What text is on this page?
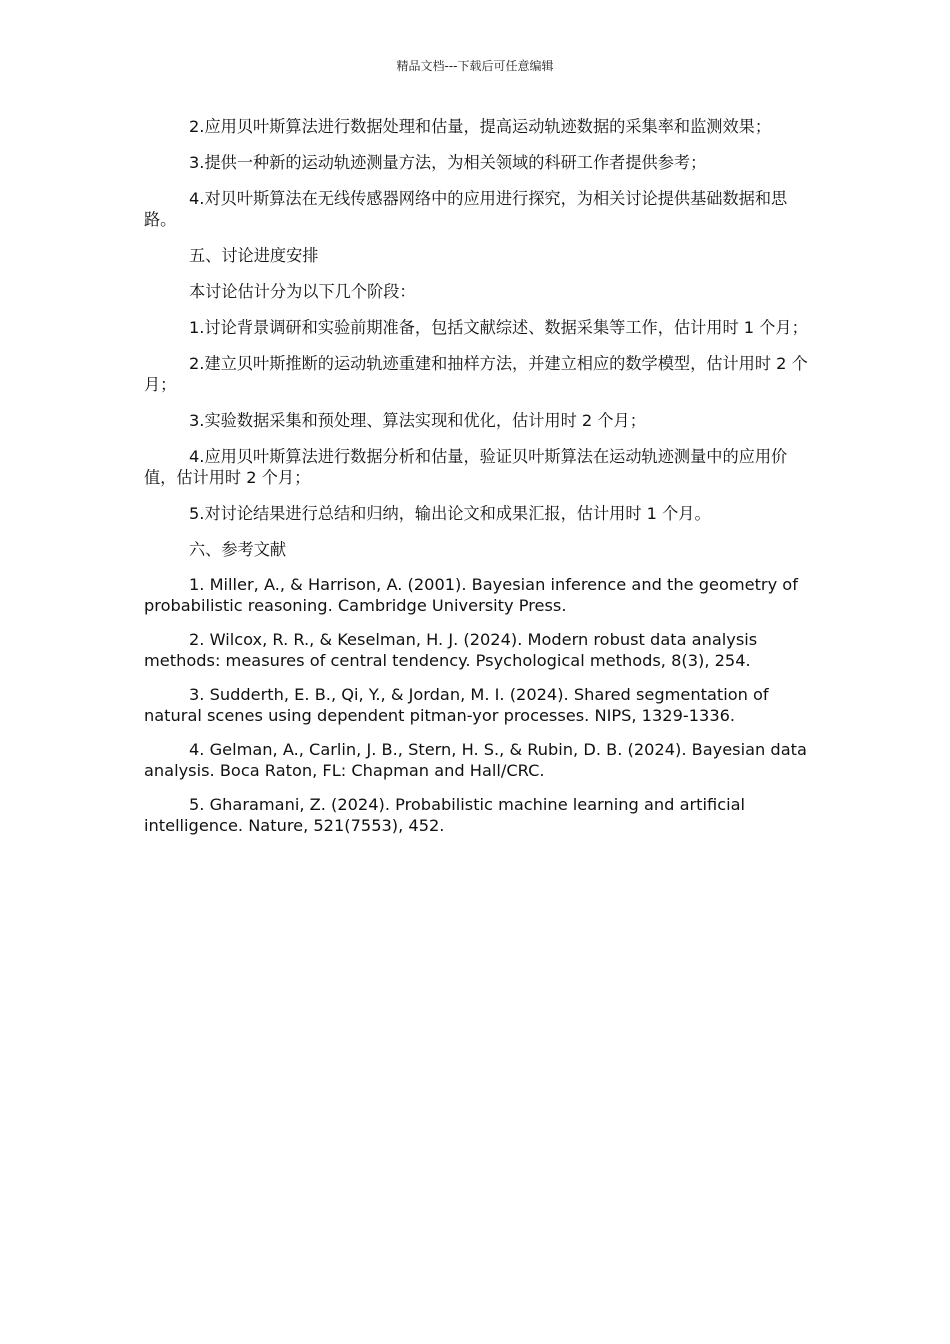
精品文档---下载后可任意编辑

2.应用贝叶斯算法进行数据处理和估量，提高运动轨迹数据的采集率和监测效果；

3.提供一种新的运动轨迹测量方法，为相关领域的科研工作者提供参考；

4.对贝叶斯算法在无线传感器网络中的应用进行探究，为相关讨论提供基础数据和思路。

五、讨论进度安排

本讨论估计分为以下几个阶段：

1.讨论背景调研和实验前期准备，包括文献综述、数据采集等工作，估计用时 1 个月；

2.建立贝叶斯推断的运动轨迹重建和抽样方法，并建立相应的数学模型，估计用时 2 个月；

3.实验数据采集和预处理、算法实现和优化，估计用时 2 个月；

4.应用贝叶斯算法进行数据分析和估量，验证贝叶斯算法在运动轨迹测量中的应用价值，估计用时 2 个月；

5.对讨论结果进行总结和归纳，输出论文和成果汇报，估计用时 1 个月。

六、参考文献

1. Miller, A., & Harrison, A. (2001). Bayesian inference and the geometry of probabilistic reasoning. Cambridge University Press.

2. Wilcox, R. R., & Keselman, H. J. (2024). Modern robust data analysis methods: measures of central tendency. Psychological methods, 8(3), 254.

3. Sudderth, E. B., Qi, Y., & Jordan, M. I. (2024). Shared segmentation of natural scenes using dependent pitman-yor processes. NIPS, 1329-1336.

4. Gelman, A., Carlin, J. B., Stern, H. S., & Rubin, D. B. (2024). Bayesian data analysis. Boca Raton, FL: Chapman and Hall/CRC.

5. Gharamani, Z. (2024). Probabilistic machine learning and artificial intelligence. Nature, 521(7553), 452.
